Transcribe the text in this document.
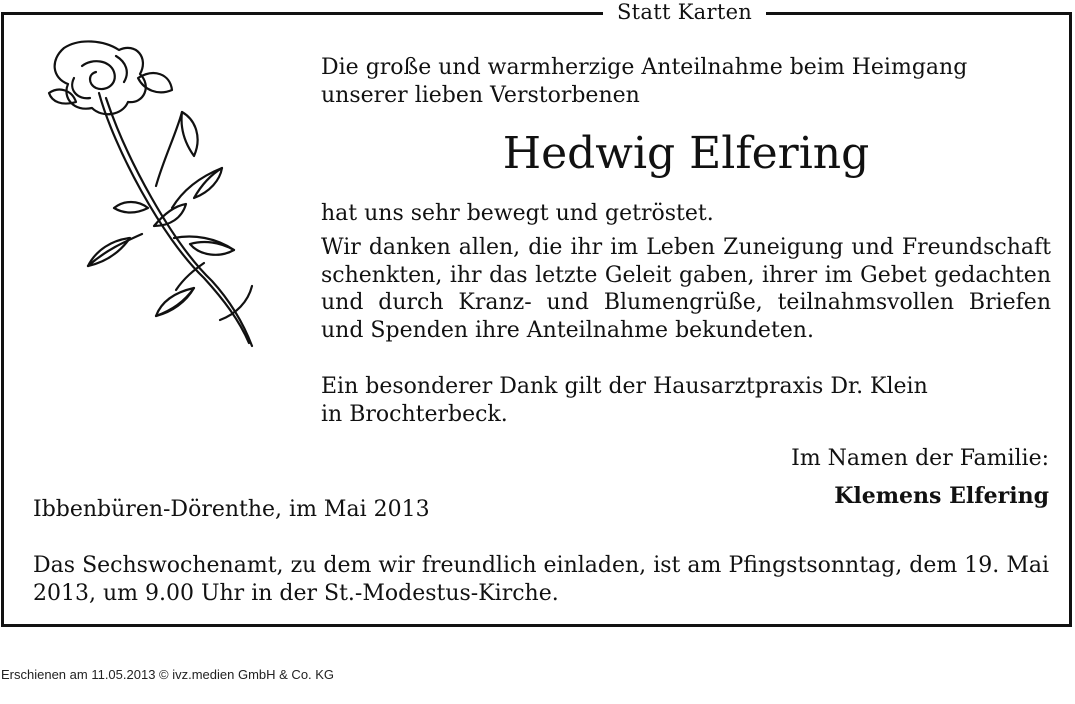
Statt Karten
Die große und warmherzige Anteilnahme beim Heimgang unserer lieben Verstorbenen
Hedwig Elfering
hat uns sehr bewegt und getröstet.
Wir danken allen, die ihr im Leben Zuneigung und Freundschaft schenkten, ihr das letzte Geleit gaben, ihrer im Gebet gedachten und durch Kranz- und Blumengrüße, teilnahmsvollen Briefen und Spenden ihre Anteilnahme bekundeten.
Ein besonderer Dank gilt der Hausarztpraxis Dr. Klein
in Brochterbeck.
Im Namen der Familie:
Klemens Elfering
Ibbenbüren-Dörenthe, im Mai 2013
Das Sechswochenamt, zu dem wir freundlich einladen, ist am Pfingstsonntag, dem 19. Mai 2013, um 9.00 Uhr in der St.-Modestus-Kirche.
Erschienen am 11.05.2013 © ivz.medien GmbH & Co. KG
